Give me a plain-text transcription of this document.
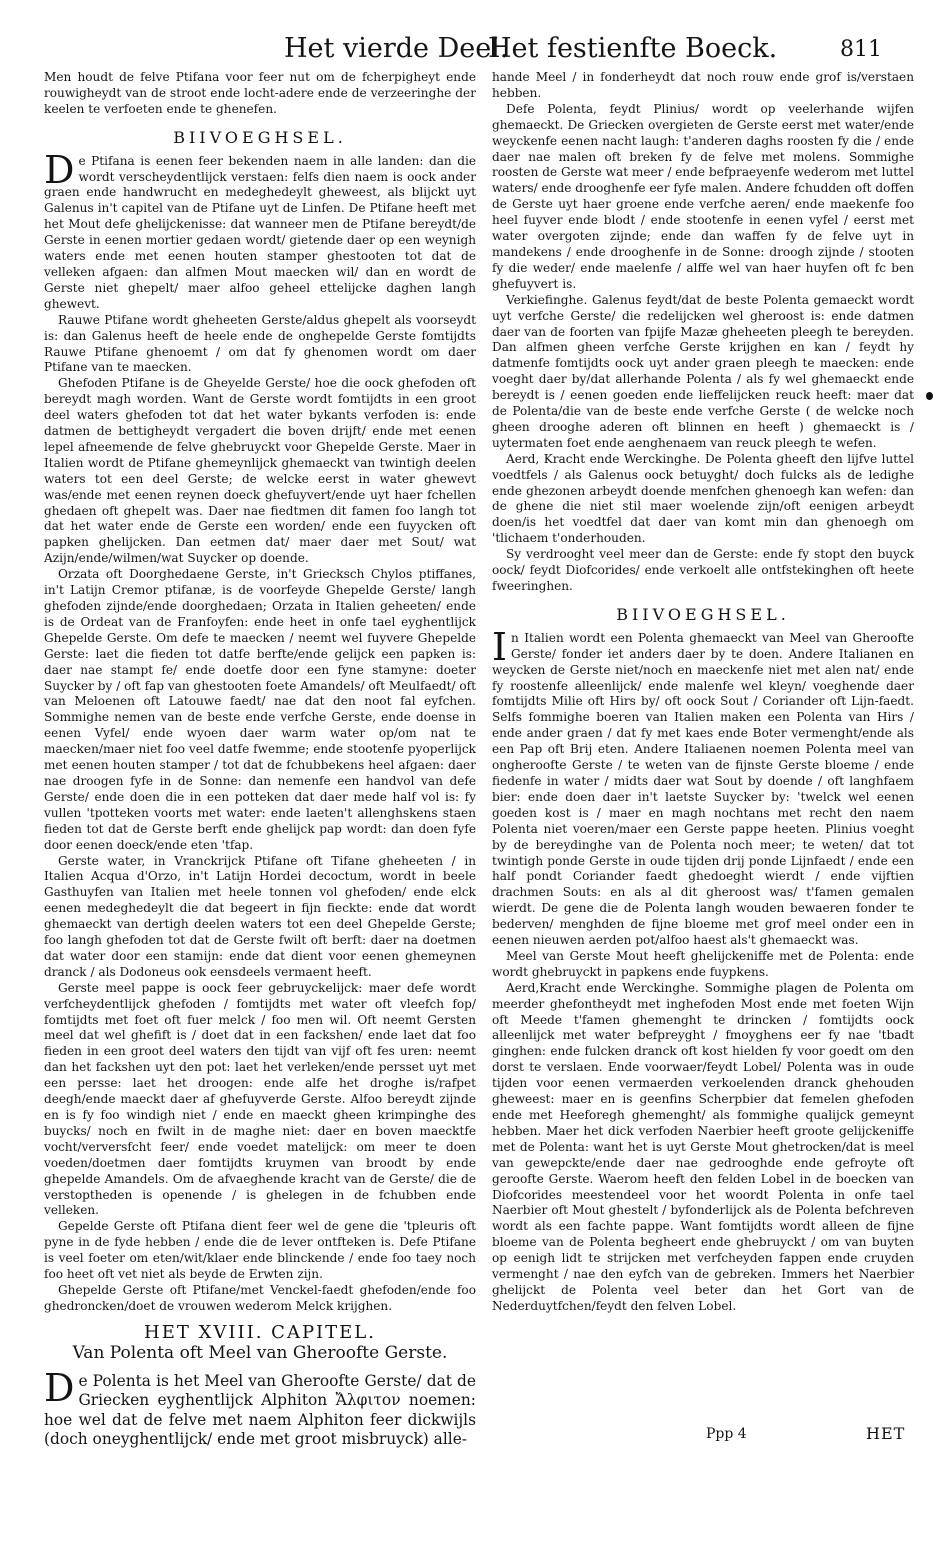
Het vierde Deel.
Het festienfte Boeck.	811

Men houdt de felve Ptifana voor feer nut om de fcherpigheyt ende rouwigheydt van de stroot ende locht-adere ende de verzeeringhe der keelen te verfoeten ende te ghenefen.

BIIVOEGHSEL.

De Ptifana is eenen feer bekenden naem in alle landen: dan die wordt verscheydentlijck verstaen: felfs dien naem is oock ander graen ende handwrucht en medeghedeylt gheweest, als blijckt uyt Galenus in't capitel van de Ptifane uyt de Linfen. De Ptifane heeft met het Mout defe ghelijckenisse: dat wanneer men de Ptifane bereydt/de Gerste in eenen mortier gedaen wordt/ gietende daer op een weynigh waters ende met eenen houten stamper ghestooten tot dat de velleken afgaen: dan alfmen Mout maecken wil/ dan en wordt de Gerste niet ghepelt/ maer alfoo geheel ettelijcke daghen langh ghewevt.

Rauwe Ptifane wordt gheheeten Gerste/aldus ghepelt als voorseydt is: dan Galenus heeft de heele ende de onghepelde Gerste fomtijdts Rauwe Ptifane ghenoemt / om dat fy ghenomen wordt om daer Ptifane van te maecken.

Ghefoden Ptifane is de Gheyelde Gerste/ hoe die oock ghefoden oft bereydt magh worden. Want de Gerste wordt fomtijdts in een groot deel waters ghefoden tot dat het water bykants verfoden is: ende datmen de bettigheydt vergadert die boven drijft/ ende met eenen lepel afneemende de felve ghebruyckt voor Ghepelde Gerste. Maer in Italien wordt de Ptifane ghemeynlijck ghemaeckt van twintigh deelen waters tot een deel Gerste; de welcke eerst in water ghewevt was/ende met eenen reynen doeck ghefuyvert/ende uyt haer fchellen ghedaen oft ghepelt was. Daer nae fiedtmen dit famen foo langh tot dat het water ende de Gerste een worden/ ende een fuyycken oft papken ghelijcken. Dan eetmen dat/ maer daer met Sout/ wat Azijn/ende/wilmen/wat Suycker op doende.

Orzata oft Doorghedaene Gerste, in't Griecksch Chylos ptiffanes, in't Latijn Cremor ptifanæ, is de voorfeyde Ghepelde Gerste/ langh ghefoden zijnde/ende doorghedaen; Orzata in Italien geheeten/ ende is de Ordeat van de Franfoyfen: ende heet in onfe tael eyghentlijck Ghepelde Gerste. Om defe te maecken / neemt wel fuyvere Ghepelde Gerste: laet die fieden tot datfe berfte/ende gelijck een papken is: daer nae stampt fe/ ende doetfe door een fyne stamyne: doeter Suycker by / oft fap van ghestooten foete Amandels/ oft Meulfaedt/ oft van Meloenen oft Latouwe faedt/ nae dat den noot fal eyfchen. Sommighe nemen van de beste ende verfche Gerste, ende doense in eenen Vyfel/ ende wyoen daer warm water op/om nat te maecken/maer niet foo veel datfe fwemme; ende stootenfe pyoperlijck met eenen houten stamper / tot dat de fchubbekens heel afgaen: daer nae droogen fyfe in de Sonne: dan nemenfe een handvol van defe Gerste/ ende doen die in een potteken dat daer mede half vol is: fy vullen 'tpotteken voorts met water: ende laeten't allenghskens staen fieden tot dat de Gerste berft ende ghelijck pap wordt: dan doen fyfe door eenen doeck/ende eten 'tfap.

Gerste water, in Vranckrijck Ptifane oft Tifane gheheeten / in Italien Acqua d'Orzo, in't Latijn Hordei decoctum, wordt in beele Gasthuyfen van Italien met heele tonnen vol ghefoden/ ende elck eenen medeghedeylt die dat begeert in fijn fieckte: ende dat wordt ghemaeckt van dertigh deelen waters tot een deel Ghepelde Gerste; foo langh ghefoden tot dat de Gerste fwilt oft berft: daer na doetmen dat water door een stamijn: ende dat dient voor eenen ghemeynen dranck / als Dodoneus ook eensdeels vermaent heeft.

Gerste meel pappe is oock feer gebruyckelijck: maer defe wordt verfcheydentlijck ghefoden / fomtijdts met water oft vleefch fop/ fomtijdts met foet oft fuer melck / foo men wil. Oft neemt Gersten meel dat wel ghefift is / doet dat in een fackshen/ ende laet dat foo fieden in een groot deel waters den tijdt van vijf oft fes uren: neemt dan het fackshen uyt den pot: laet het verleken/ende persset uyt met een persse: laet het droogen: ende alfe het droghe is/rafpet deegh/ende maeckt daer af ghefuyverde Gerste. Alfoo bereydt zijnde en is fy foo windigh niet / ende en maeckt gheen krimpinghe des buycks/ noch en fwilt in de maghe niet: daer en boven maecktfe vocht/verversfcht feer/ ende voedet matelijck: om meer te doen voeden/doetmen daer fomtijdts kruymen van broodt by ende ghepelde Amandels. Om de afvaeghende kracht van de Gerste/ die de verstoptheden is openende / is ghelegen in de fchubben ende velleken.

Gepelde Gerste oft Ptifana dient feer wel de gene die 'tpleuris oft pyne in de fyde hebben / ende die de lever ontfteken is. Defe Ptifane is veel foeter om eten/wit/klaer ende blinckende / ende foo taey noch foo heet oft vet niet als beyde de Erwten zijn.

Ghepelde Gerste oft Ptifane/met Venckel-faedt ghefoden/ende foo ghedroncken/doet de vrouwen wederom Melck krijghen.

HET XVIII. CAPITEL.
Van Polenta oft Meel van Gheroofte Gerste.

De Polenta is het Meel van Gheroofte Gerste/ dat de Griecken eyghentlijck Alphiton Ἄλφιτον noemen: hoe wel dat de felve met naem Alphiton feer dickwijls (doch oneyghentlijck/ ende met groot misbruyck) alle-

hande Meel / in fonderheydt dat noch rouw ende grof is/verstaen hebben.

Defe Polenta, feydt Plinius/ wordt op veelerhande wijfen ghemaeckt. De Griecken overgieten de Gerste eerst met water/ende weyckenfe eenen nacht laugh: t'anderen daghs roosten fy die / ende daer nae malen oft breken fy de felve met molens. Sommighe roosten de Gerste wat meer / ende befpraeyenfe wederom met luttel waters/ ende drooghenfe eer fyfe malen. Andere fchudden oft doffen de Gerste uyt haer groene ende verfche aeren/ ende maekenfe foo heel fuyver ende blodt / ende stootenfe in eenen vyfel / eerst met water overgoten zijnde; ende dan waffen fy de felve uyt in mandekens / ende drooghenfe in de Sonne: droogh zijnde / stooten fy die weder/ ende maelenfe / alffe wel van haer huyfen oft fc ben ghefuyvert is.

Verkiefinghe. Galenus feydt/dat de beste Polenta gemaeckt wordt uyt verfche Gerste/ die redelijcken wel gheroost is: ende datmen daer van de foorten van fpijfe Mazæ gheheeten pleegh te bereyden. Dan alfmen gheen verfche Gerste krijghen en kan / feydt hy datmenfe fomtijdts oock uyt ander graen pleegh te maecken: ende voeght daer by/dat allerhande Polenta / als fy wel ghemaeckt ende bereydt is / eenen goeden ende lieffelijcken reuck heeft: maer dat de Polenta/die van de beste ende verfche Gerste ( de welcke noch gheen drooghe aderen oft blinnen en heeft ) ghemaeckt is / uytermaten foet ende aenghenaem van reuck pleegh te wefen.

Aerd, Kracht ende Werckinghe. De Polenta gheeft den lijfve luttel voedtfels / als Galenus oock betuyght/ doch fulcks als de ledighe ende ghezonen arbeydt doende menfchen ghenoegh kan wefen: dan de ghene die niet stil maer woelende zijn/oft eenigen arbeydt doen/is het voedtfel dat daer van komt min dan ghenoegh om 'tlichaem t'onderhouden.

Sy verdrooght veel meer dan de Gerste: ende fy stopt den buyck oock/ feydt Diofcorides/ ende verkoelt alle ontfstekinghen oft heete fweeringhen.

BIIVOEGHSEL.

In Italien wordt een Polenta ghemaeckt van Meel van Gheroofte Gerste/ fonder iet anders daer by te doen. Andere Italianen en weycken de Gerste niet/noch en maeckenfe niet met alen nat/ ende fy roostenfe alleenlijck/ ende malenfe wel kleyn/ voeghende daer fomtijdts Milie oft Hirs by/ oft oock Sout / Coriander oft Lijn-faedt. Selfs fommighe boeren van Italien maken een Polenta van Hirs / ende ander graen / dat fy met kaes ende Boter vermenght/ende als een Pap oft Brij eten. Andere Italiaenen noemen Polenta meel van ongheroofte Gerste / te weten van de fijnste Gerste bloeme / ende fiedenfe in water / midts daer wat Sout by doende / oft langhfaem bier: ende doen daer in't laetste Suycker by: 'twelck wel eenen goeden kost is / maer en magh nochtans met recht den naem Polenta niet voeren/maer een Gerste pappe heeten. Plinius voeght by de bereydinghe van de Polenta noch meer; te weten/ dat tot twintigh ponde Gerste in oude tijden drij ponde Lijnfaedt / ende een half pondt Coriander faedt ghedoeght wierdt / ende vijftien drachmen Souts: en als al dit gheroost was/ t'famen gemalen wierdt. De gene die de Polenta langh wouden bewaeren fonder te bederven/ menghden de fijne bloeme met grof meel onder een in eenen nieuwen aerden pot/alfoo haest als't ghemaeckt was.

Meel van Gerste Mout heeft ghelijckeniffe met de Polenta: ende wordt ghebruyckt in papkens ende fuypkens.

Aerd,Kracht ende Werckinghe. Sommighe plagen de Polenta om meerder ghefontheydt met inghefoden Most ende met foeten Wijn oft Meede t'famen ghemenght te drincken / fomtijdts oock alleenlijck met water befpreyght / fmoyghens eer fy nae 'tbadt ginghen: ende fulcken dranck oft kost hielden fy voor goedt om den dorst te verslaen. Ende voorwaer/feydt Lobel/ Polenta was in oude tijden voor eenen vermaerden verkoelenden dranck ghehouden gheweest: maer en is geenfins Scherpbier dat femelen ghefoden ende met Heeforegh ghemenght/ als fommighe qualijck gemeynt hebben. Maer het dick verfoden Naerbier heeft groote gelijckeniffe met de Polenta: want het is uyt Gerste Mout ghetrocken/dat is meel van gewepckte/ende daer nae gedrooghde ende gefroyte oft geroofte Gerste. Waerom heeft den felden Lobel in de boecken van Diofcorides meestendeel voor het woordt Polenta in onfe tael Naerbier oft Mout ghestelt / byfonderlijck als de Polenta befchreven wordt als een fachte pappe. Want fomtijdts wordt alleen de fijne bloeme van de Polenta begheert ende ghebruyckt / om van buyten op eenigh lidt te strijcken met verfcheyden fappen ende cruyden vermenght / nae den eyfch van de gebreken. Immers het Naerbier ghelijckt de Polenta veel beter dan het Gort van de Nederduytfchen/feydt den felven Lobel.

Ppp 4	HET
